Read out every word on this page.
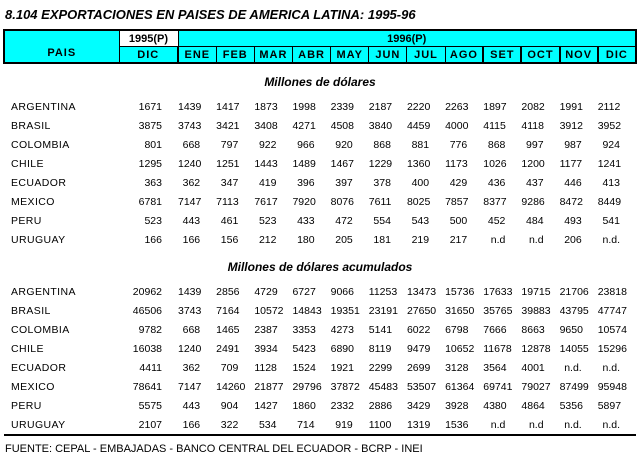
8.104 EXPORTACIONES EN PAISES DE AMERICA LATINA: 1995-96
PAIS	1995(P)	1996(P)											
	DIC	ENE	FEB	MAR	ABR	MAY	JUN	JUL	AGO	SET	OCT	NOV	DIC
Millones de dólares													
ARGENTINA	1671	1439	1417	1873	1998	2339	2187	2220	2263	1897	2082	1991	2112
BRASIL	3875	3743	3421	3408	4271	4508	3840	4459	4000	4115	4118	3912	3952
COLOMBIA	801	668	797	922	966	920	868	881	776	868	997	987	924
CHILE	1295	1240	1251	1443	1489	1467	1229	1360	1173	1026	1200	1177	1241
ECUADOR	363	362	347	419	396	397	378	400	429	436	437	446	413
MEXICO	6781	7147	7113	7617	7920	8076	7611	8025	7857	8377	9286	8472	8449
PERU	523	443	461	523	433	472	554	543	500	452	484	493	541
URUGUAY	166	166	156	212	180	205	181	219	217	n.d	n.d	206	n.d.
Millones de dólares acumulados													
ARGENTINA	20962	1439	2856	4729	6727	9066	11253	13473	15736	17633	19715	21706	23818
BRASIL	46506	3743	7164	10572	14843	19351	23191	27650	31650	35765	39883	43795	47747
COLOMBIA	9782	668	1465	2387	3353	4273	5141	6022	6798	7666	8663	9650	10574
CHILE	16038	1240	2491	3934	5423	6890	8119	9479	10652	11678	12878	14055	15296
ECUADOR	4411	362	709	1128	1524	1921	2299	2699	3128	3564	4001	n.d.	n.d.
MEXICO	78641	7147	14260	21877	29796	37872	45483	53507	61364	69741	79027	87499	95948
PERU	5575	443	904	1427	1860	2332	2886	3429	3928	4380	4864	5356	5897
URUGUAY	2107	166	322	534	714	919	1100	1319	1536	n.d	n.d	n.d.	n.d.
FUENTE: CEPAL - EMBAJADAS - BANCO CENTRAL DEL ECUADOR - BCRP - INEI
